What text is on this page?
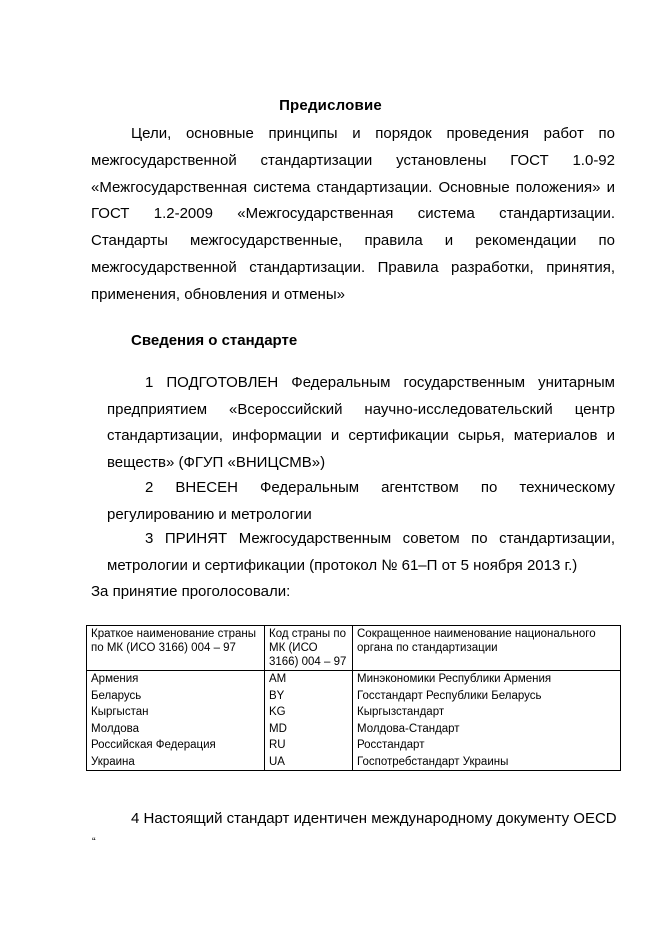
Предисловие
Цели, основные принципы и порядок проведения работ по межгосударственной стандартизации установлены ГОСТ 1.0-92 «Межгосударственная система стандартизации. Основные положения» и ГОСТ 1.2-2009 «Межгосударственная система стандартизации. Стандарты межгосударственные, правила и рекомендации по межгосударственной стандартизации. Правила разработки, принятия, применения, обновления и отмены»
Сведения о стандарте
1 ПОДГОТОВЛЕН Федеральным государственным унитарным предприятием «Всероссийский научно-исследовательский центр стандартизации, информации и сертификации сырья, материалов и веществ» (ФГУП «ВНИЦСМВ»)
2 ВНЕСЕН Федеральным агентством по техническому регулированию и метрологии
3 ПРИНЯТ Межгосударственным советом по стандартизации, метрологии и сертификации (протокол № 61–П от 5 ноября 2013 г.)
За принятие проголосовали:
Краткое наименование страны по МК (ИСО 3166) 004 – 97	Код страны по МК (ИСО 3166) 004 – 97	Сокращенное наименование национального органа по стандартизации
Армения	AM	Минэкономики Республики Армения
Беларусь	BY	Госстандарт Республики Беларусь
Кыргыстан	KG	Кыргызстандарт
Молдова	MD	Молдова-Стандарт
Российская Федерация	RU	Росстандарт
Украина	UA	Госпотребстандарт Украины
4 Настоящий стандарт идентичен международному документу OECD
“
